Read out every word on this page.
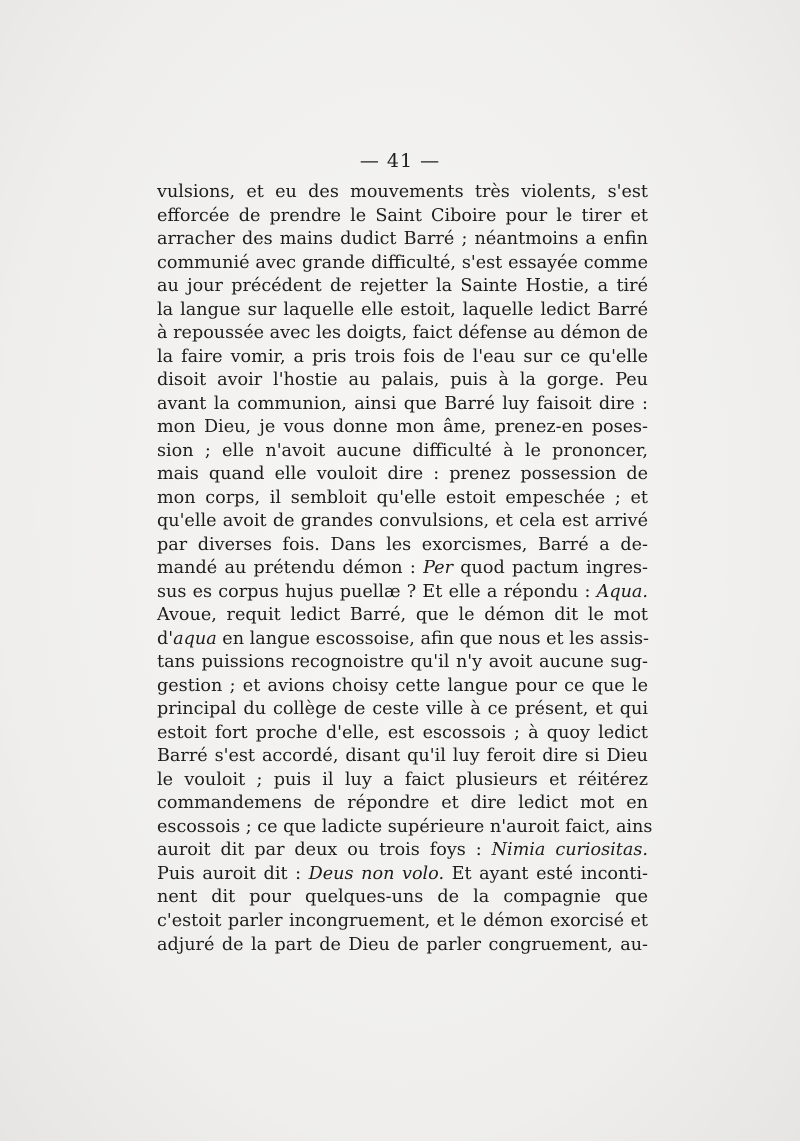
— 41 —
vulsions, et eu des mouvements très violents, s'est
efforcée de prendre le Saint Ciboire pour le tirer et
arracher des mains dudict Barré ; néantmoins a enfin
communié avec grande difficulté, s'est essayée comme
au jour précédent de rejetter la Sainte Hostie, a tiré
la langue sur laquelle elle estoit, laquelle ledict Barré
à repoussée avec les doigts, faict défense au démon de
la faire vomir, a pris trois fois de l'eau sur ce qu'elle
disoit avoir l'hostie au palais, puis à la gorge. Peu
avant la communion, ainsi que Barré luy faisoit dire :
mon Dieu, je vous donne mon âme, prenez-en poses-
sion ; elle n'avoit aucune difficulté à le prononcer,
mais quand elle vouloit dire : prenez possession de
mon corps, il sembloit qu'elle estoit empeschée ; et
qu'elle avoit de grandes convulsions, et cela est arrivé
par diverses fois. Dans les exorcismes, Barré a de-
mandé au prétendu démon : Per quod pactum ingres-
sus es corpus hujus puellæ ? Et elle a répondu : Aqua.
Avoue, requit ledict Barré, que le démon dit le mot
d'aqua en langue escossoise, afin que nous et les assis-
tans puissions recognoistre qu'il n'y avoit aucune sug-
gestion ; et avions choisy cette langue pour ce que le
principal du collège de ceste ville à ce présent, et qui
estoit fort proche d'elle, est escossois ; à quoy ledict
Barré s'est accordé, disant qu'il luy feroit dire si Dieu
le vouloit ; puis il luy a faict plusieurs et réitérez
commandemens de répondre et dire ledict mot en
escossois ; ce que ladicte supérieure n'auroit faict, ains
auroit dit par deux ou trois foys : Nimia curiositas.
Puis auroit dit : Deus non volo. Et ayant esté inconti-
nent dit pour quelques-uns de la compagnie que
c'estoit parler incongruement, et le démon exorcisé et
adjuré de la part de Dieu de parler congruement, au-
